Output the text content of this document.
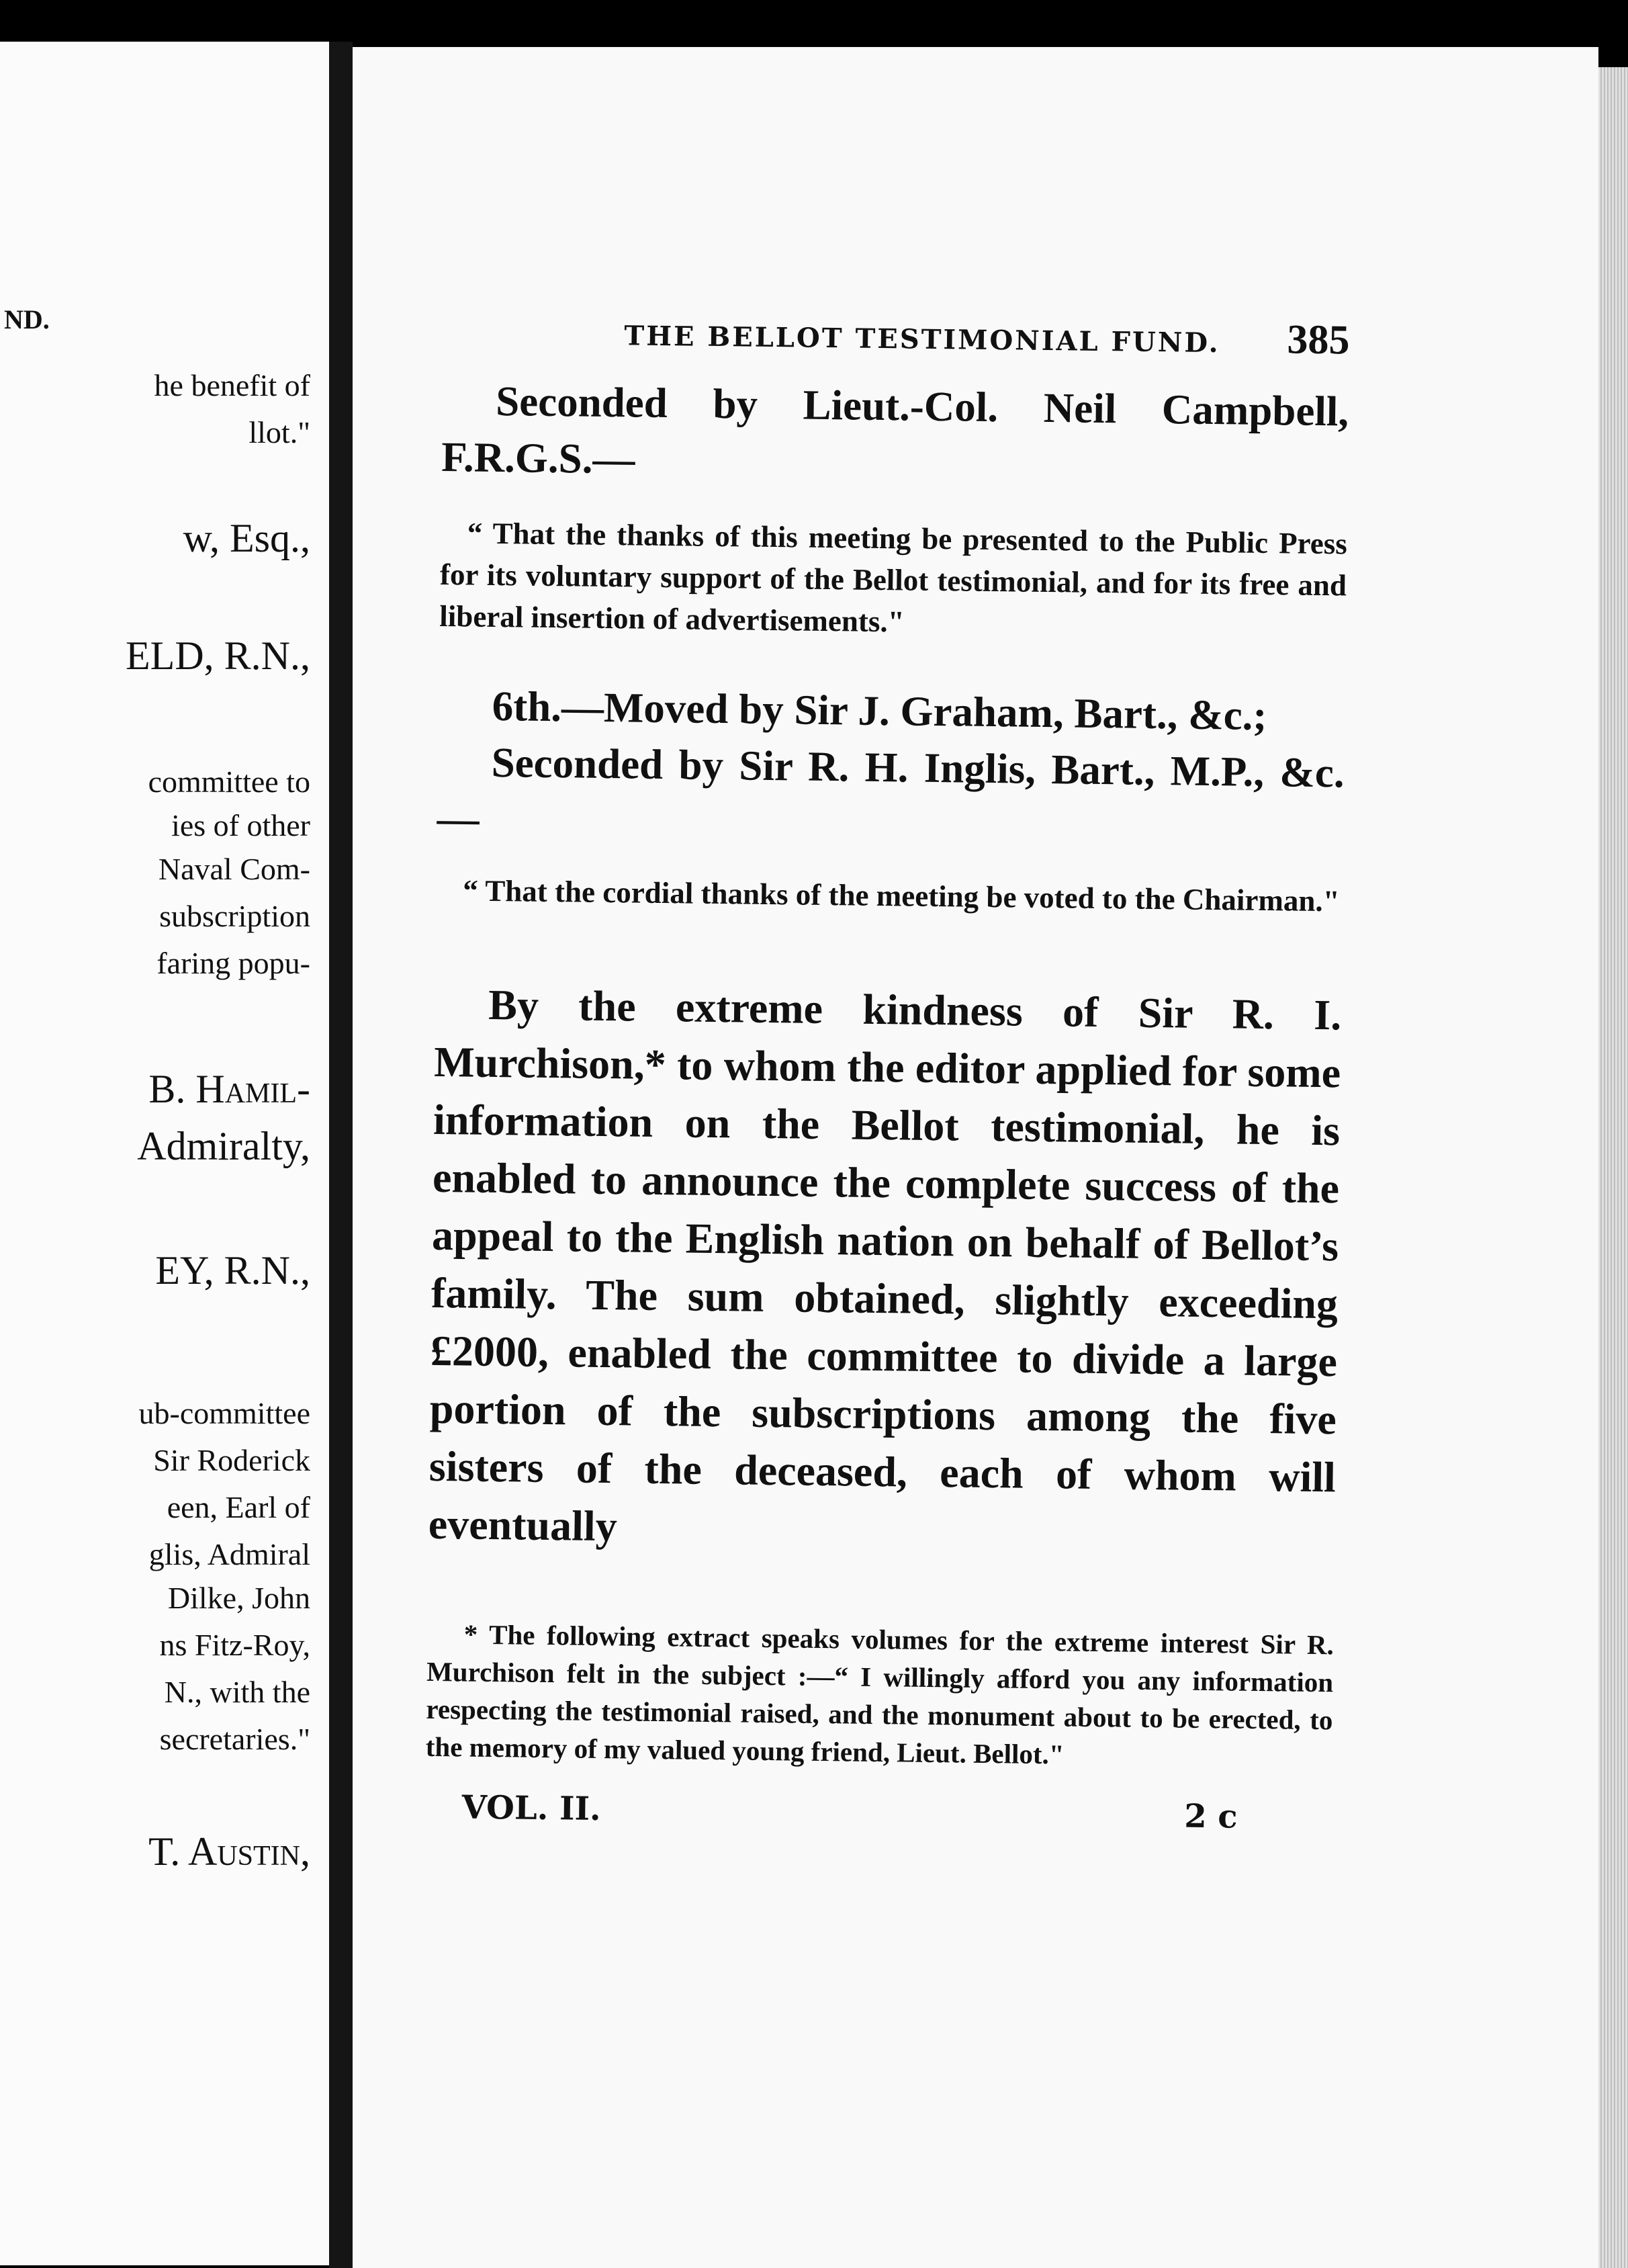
ND.
he benefit of
llot."
w, Esq.,
ELD, R.N.,
committee to
ies of other
Naval Com-
subscription
faring popu-
B. Hamil-
Admiralty,
EY, R.N.,
ub-committee
Sir Roderick
een, Earl of
glis, Admiral
Dilke, John
ns Fitz-Roy,
N., with the
secretaries."
T. Austin,
THE BELLOT TESTIMONIAL FUND. 385
Seconded by Lieut.-Col. Neil Campbell, F.R.G.S.—
“ That the thanks of this meeting be presented to the Public Press for its voluntary support of the Bellot testimonial, and for its free and liberal insertion of advertisements."
6th.—Moved by Sir J. Graham, Bart., &c.;
Seconded by Sir R. H. Inglis, Bart., M.P., &c.—
“ That the cordial thanks of the meeting be voted to the Chairman."
By the extreme kindness of Sir R. I. Murchison,* to whom the editor applied for some information on the Bellot testimonial, he is enabled to announce the complete success of the appeal to the English nation on behalf of Bellot’s family. The sum obtained, slightly exceeding £2000, enabled the committee to divide a large portion of the subscriptions among the five sisters of the deceased, each of whom will eventually
* The following extract speaks volumes for the extreme interest Sir R. Murchison felt in the subject :—“ I willingly afford you any information respecting the testimonial raised, and the monument about to be erected, to the memory of my valued young friend, Lieut. Bellot."
VOL. II.	2 c
